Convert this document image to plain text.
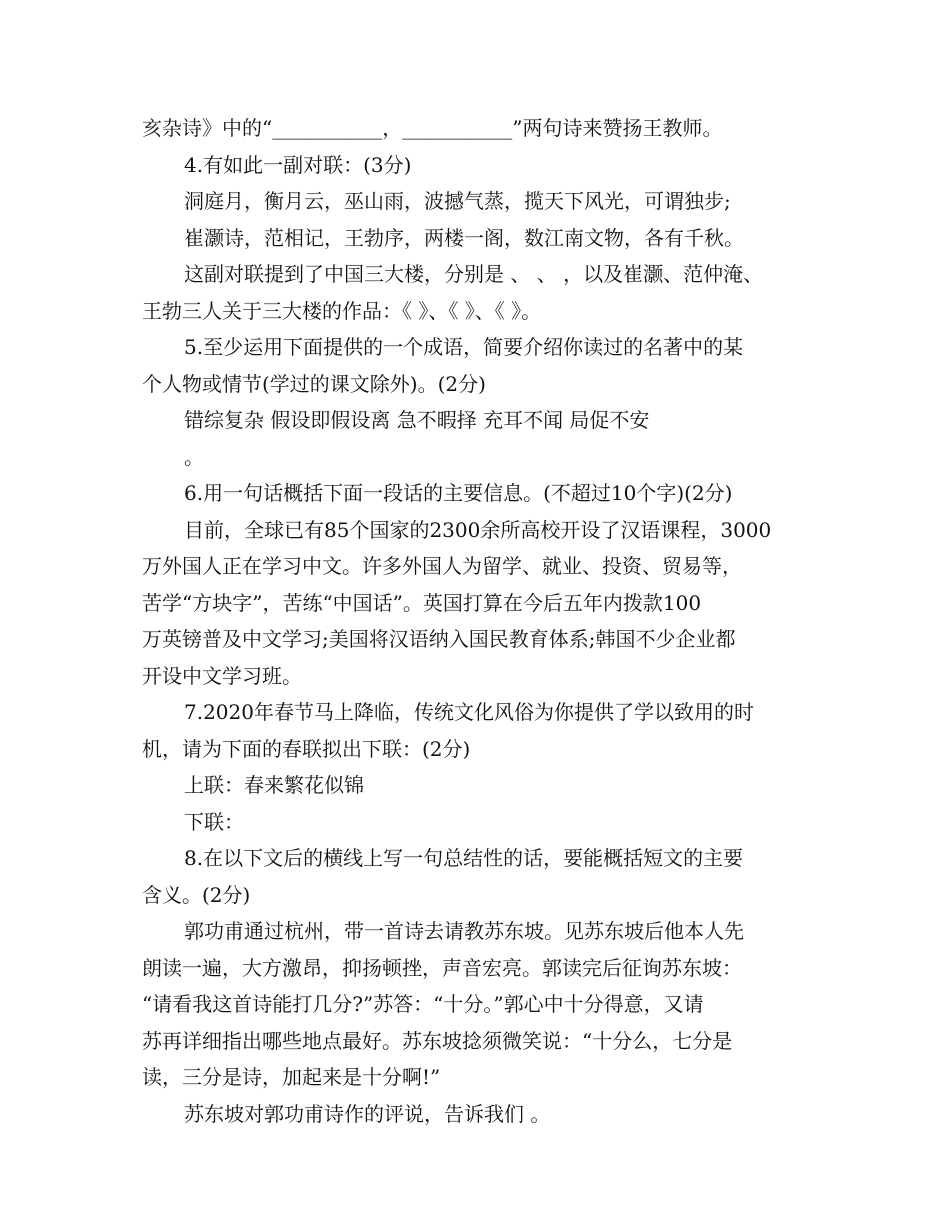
亥杂诗》中的“___________，___________”两句诗来赞扬王教师。
4.有如此一副对联：(3分)
洞庭月，衡月云，巫山雨，波撼气蒸，揽天下风光，可谓独步;
崔灏诗，范相记，王勃序，两楼一阁，数江南文物，各有千秋。
这副对联提到了中国三大楼，分别是 、 、 ，以及崔灏、范仲淹、
王勃三人关于三大楼的作品：《 》、《 》、《 》。
5.至少运用下面提供的一个成语，简要介绍你读过的名著中的某
个人物或情节(学过的课文除外)。(2分)
错综复杂 假设即假设离 急不暇择 充耳不闻 局促不安
。
6.用一句话概括下面一段话的主要信息。(不超过10个字)(2分)
目前，全球已有85个国家的2300余所高校开设了汉语课程，3000
万外国人正在学习中文。许多外国人为留学、就业、投资、贸易等，
苦学“方块字”，苦练“中国话”。英国打算在今后五年内拨款100
万英镑普及中文学习;美国将汉语纳入国民教育体系;韩国不少企业都
开设中文学习班。
7.2020年春节马上降临，传统文化风俗为你提供了学以致用的时
机，请为下面的春联拟出下联：(2分)
上联：春来繁花似锦
下联：
8.在以下文后的横线上写一句总结性的话，要能概括短文的主要
含义。(2分)
郭功甫通过杭州，带一首诗去请教苏东坡。见苏东坡后他本人先
朗读一遍，大方激昂，抑扬顿挫，声音宏亮。郭读完后征询苏东坡：
“请看我这首诗能打几分?”苏答：“十分。”郭心中十分得意，又请
苏再详细指出哪些地点最好。苏东坡捻须微笑说：“十分么，七分是
读，三分是诗，加起来是十分啊!”
苏东坡对郭功甫诗作的评说，告诉我们 。
